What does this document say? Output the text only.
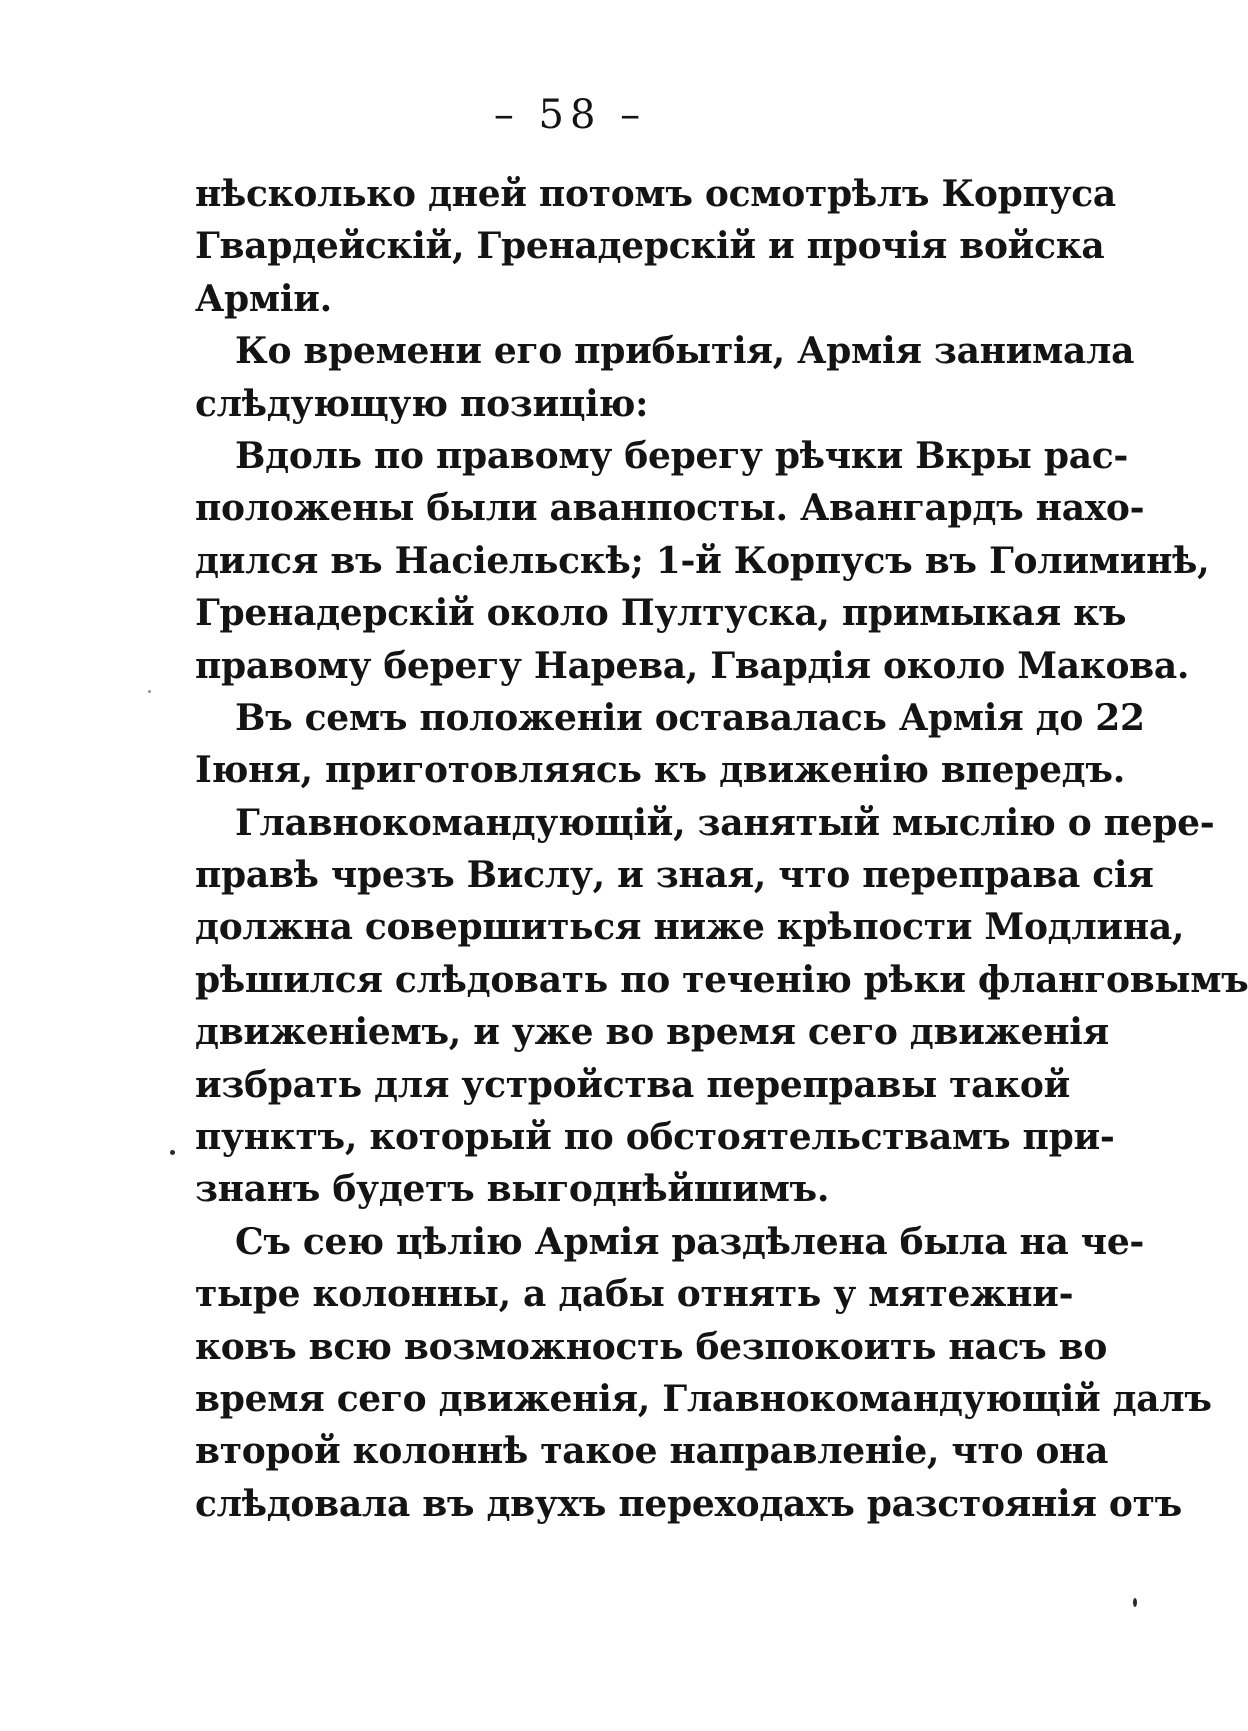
– 58 –
нѣсколько дней потомъ осмотрѣлъ Корпуса
Гвардейскій, Гренадерскій и прочія войска
Арміи.
Ко времени его прибытія, Армія занимала
слѣдующую позицію:
Вдоль по правому берегу рѣчки Вкры рас-
положены были аванпосты. Авангардъ нахо-
дился въ Насіельскѣ; 1-й Корпусъ въ Голиминѣ,
Гренадерскій около Пултуска, примыкая къ
правому берегу Нарева, Гвардія около Макова.
Въ семъ положеніи оставалась Армія до 22
Іюня, приготовляясь къ движенію впередъ.
Главнокомандующій, занятый мыслію о пере-
правѣ чрезъ Вислу, и зная, что переправа сія
должна совершиться ниже крѣпости Модлина,
рѣшился слѣдовать по теченію рѣки фланговымъ
движеніемъ, и уже во время сего движенія
избрать для устройства переправы такой
пунктъ, который по обстоятельствамъ при-
знанъ будетъ выгоднѣйшимъ.
Съ сею цѣлію Армія раздѣлена была на че-
тыре колонны, а дабы отнять у мятежни-
ковъ всю возможность безпокоить насъ во
время сего движенія, Главнокомандующій далъ
второй колоннѣ такое направленіе, что она
слѣдовала въ двухъ переходахъ разстоянія отъ
